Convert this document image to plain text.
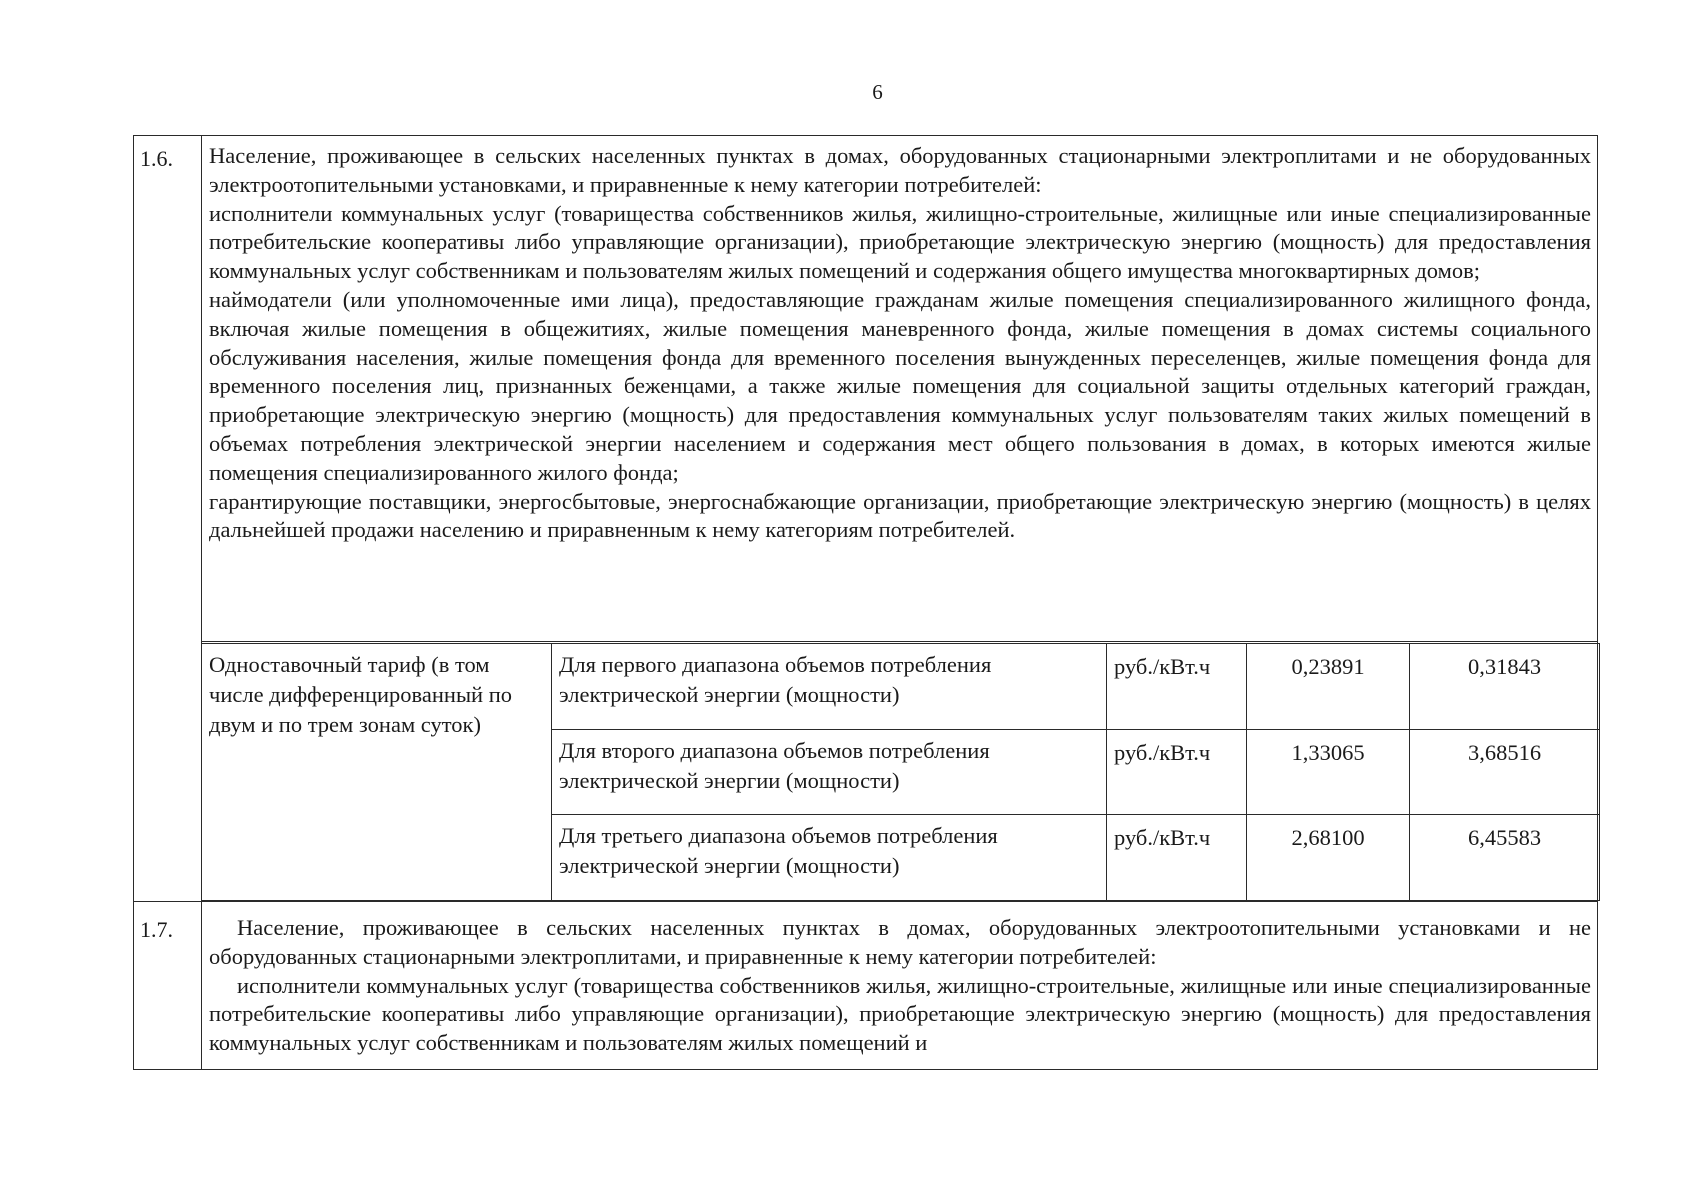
6
1.6. Население, проживающее в сельских населенных пунктах в домах, оборудованных стационарными электроплитами и не оборудованных электроотопительными установками, и приравненные к нему категории потребителей:

исполнители коммунальных услуг (товарищества собственников жилья, жилищно-строительные, жилищные или иные специализированные потребительские кооперативы либо управляющие организации), приобретающие электрическую энергию (мощность) для предоставления коммунальных услуг собственникам и пользователям жилых помещений и содержания общего имущества многоквартирных домов;

наймодатели (или уполномоченные ими лица), предоставляющие гражданам жилые помещения специализированного жилищного фонда, включая жилые помещения в общежитиях, жилые помещения маневренного фонда, жилые помещения в домах системы социального обслуживания населения, жилые помещения фонда для временного поселения вынужденных переселенцев, жилые помещения фонда для временного поселения лиц, признанных беженцами, а также жилые помещения для социальной защиты отдельных категорий граждан, приобретающие электрическую энергию (мощность) для предоставления коммунальных услуг пользователям таких жилых помещений в объемах потребления электрической энергии населением и содержания мест общего пользования в домах, в которых имеются жилые помещения специализированного жилого фонда;

гарантирующие поставщики, энергосбытовые, энергоснабжающие организации, приобретающие электрическую энергию (мощность) в целях дальнейшей продажи населению и приравненным к нему категориям потребителей.

Одноставочный тариф (в том числе дифференцированный по двум и по трем зонам суток)	Для первого диапазона объемов потребления электрической энергии (мощности)	руб./кВт.ч	0,23891	0,31843
	Для второго диапазона объемов потребления электрической энергии (мощности)	руб./кВт.ч	1,33065	3,68516
	Для третьего диапазона объемов потребления электрической энергии (мощности)	руб./кВт.ч	2,68100	6,45583
1.7.	Население, проживающее в сельских населенных пунктах в домах, оборудованных электроотопительными установками и не оборудованных стационарными электроплитами, и приравненные к нему категории потребителей:

исполнители коммунальных услуг (товарищества собственников жилья, жилищно-строительные, жилищные или иные специализированные потребительские кооперативы либо управляющие организации), приобретающие электрическую энергию (мощность) для предоставления коммунальных услуг собственникам и пользователям жилых помещений и
